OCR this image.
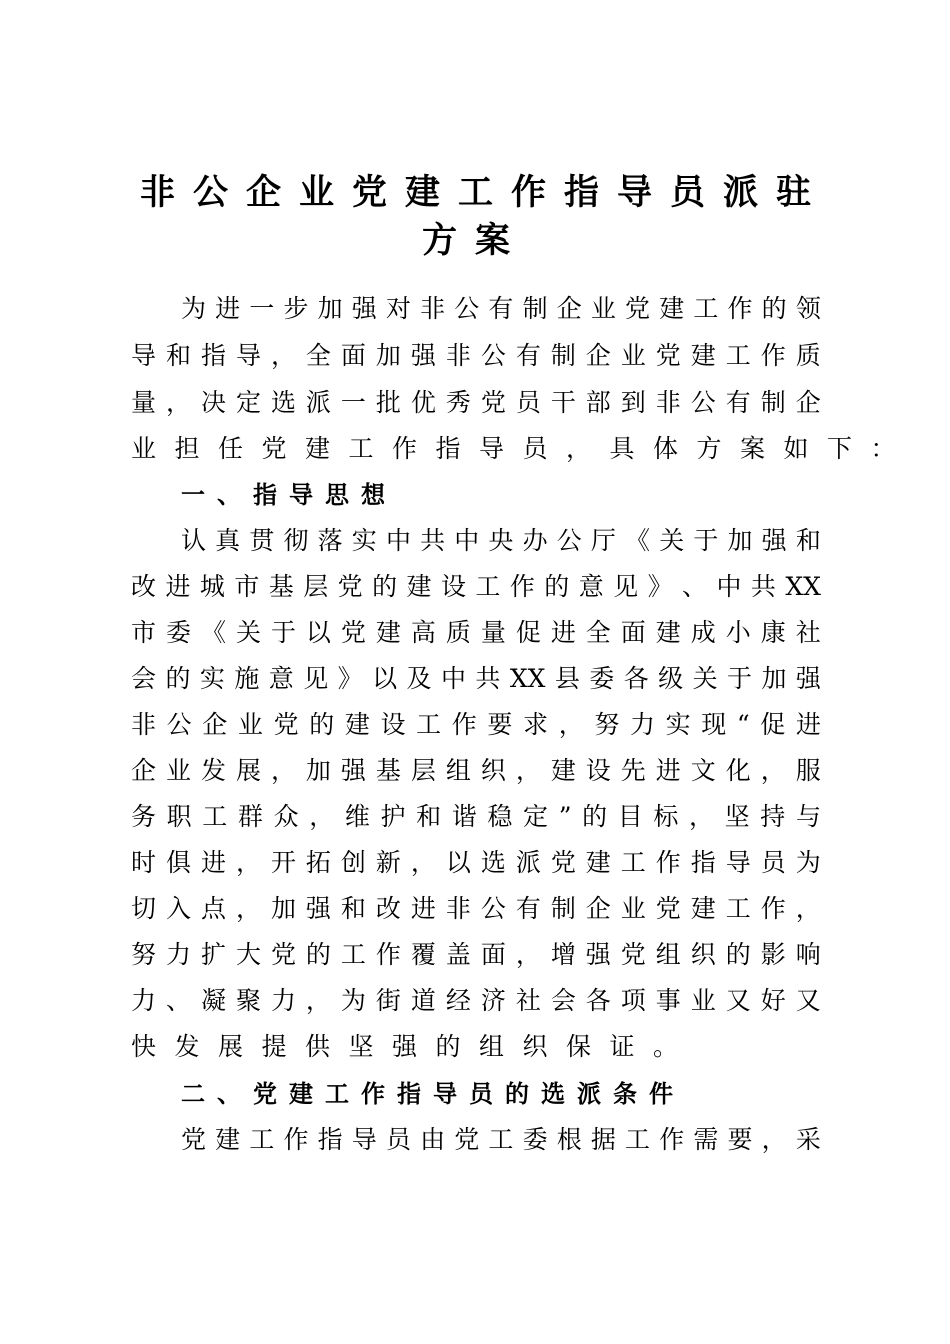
非公企业党建工作指导员派驻
方案
为 进 一 步 加 强 对 非 公 有 制 企 业 党 建 工 作 的 领
导 和 指 导 ， 全 面 加 强 非 公 有 制 企 业 党 建 工 作 质
量 ， 决 定 选 派 一 批 优 秀 党 员 干 部 到 非 公 有 制 企
业担任党建工作指导员，具体方案如下：
一、指导思想
认 真 贯 彻 落 实 中 共 中 央 办 公 厅 《 关 于 加 强 和
改 进 城 市 基 层 党 的 建 设 工 作 的 意 见 》 、 中 共 XX
市 委 《 关 于 以 党 建 高 质 量 促 进 全 面 建 成 小 康 社
会 的 实 施 意 见 》 以 及 中 共 XX 县 委 各 级 关 于 加 强
非 公 企 业 党 的 建 设 工 作 要 求 ， 努 力 实 现 “ 促 进
企 业 发 展 ， 加 强 基 层 组 织 ， 建 设 先 进 文 化 ， 服
务 职 工 群 众 ， 维 护 和 谐 稳 定 ” 的 目 标 ， 坚 持 与
时 俱 进 ， 开 拓 创 新 ， 以 选 派 党 建 工 作 指 导 员 为
切 入 点 ， 加 强 和 改 进 非 公 有 制 企 业 党 建 工 作 ，
努 力 扩 大 党 的 工 作 覆 盖 面 ， 增 强 党 组 织 的 影 响
力 、 凝 聚 力 ， 为 街 道 经 济 社 会 各 项 事 业 又 好 又
快发展提供坚强的组织保证。
二、党建工作指导员的选派条件
党 建 工 作 指 导 员 由 党 工 委 根 据 工 作 需 要 ， 采
